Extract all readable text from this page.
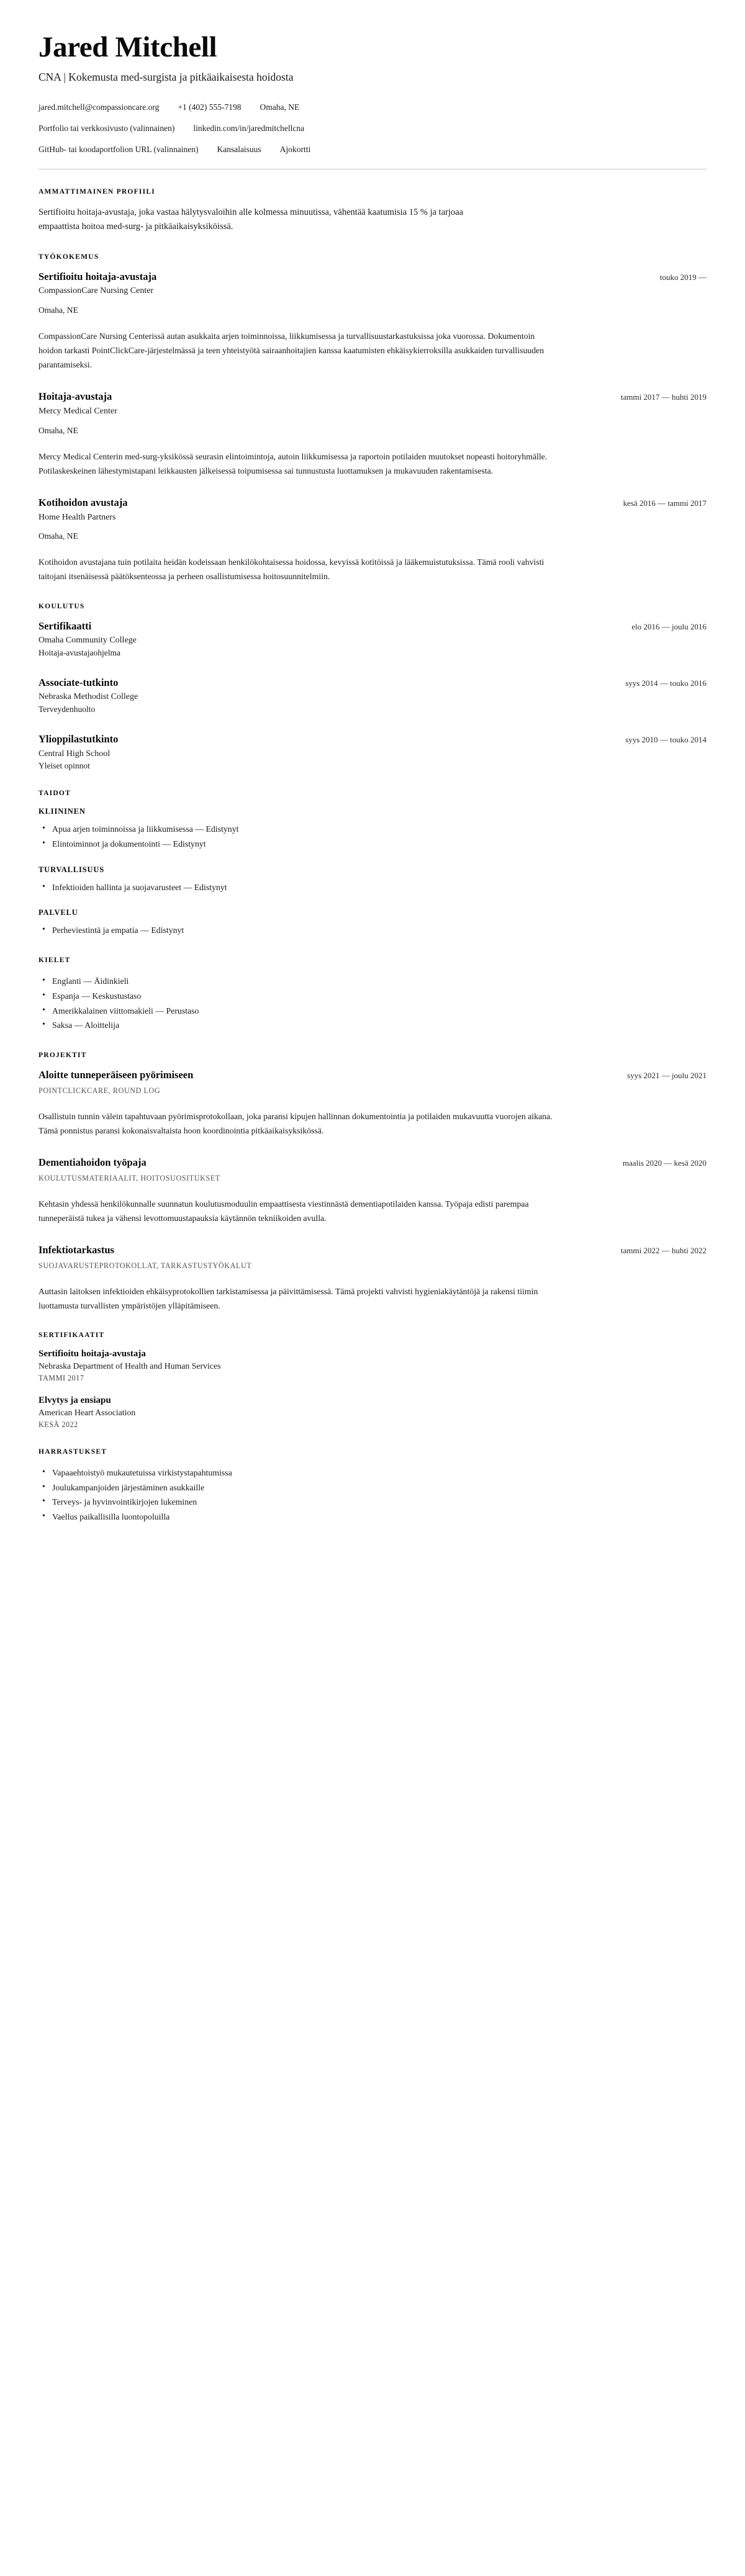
Jared Mitchell
CNA | Kokemusta med-surgista ja pitkäaikaisesta hoidosta
jared.mitchell@compassioncare.org +1 (402) 555-7198 Omaha, NE
Portfolio tai verkkosivusto (valinnainen) linkedin.com/in/jaredmitchellcna
GitHub- tai koodaportfolion URL (valinnainen) Kansalaisuus Ajokortti
AMMATTIMAINEN PROFIILI

Sertifioitu hoitaja-avustaja, joka vastaa hälytysvaloihin alle kolmessa minuutissa, vähentää kaatumisia 15 % ja tarjoaa empaattista hoitoa med-surg- ja pitkäaikaisyksiköissä.

TYÖKOKEMUS
Sertifioitu hoitaja-avustaja	touko 2019 —
CompassionCare Nursing Center
Omaha, NE

CompassionCare Nursing Centerissä autan asukkaita arjen toiminnoissa, liikkumisessa ja turvallisuustarkastuksissa joka vuorossa. Dokumentoin hoidon tarkasti PointClickCare-järjestelmässä ja teen yhteistyötä sairaanhoitajien kanssa kaatumisten ehkäisykierroksilla asukkaiden turvallisuuden parantamiseksi.

Hoitaja-avustaja	tammi 2017 — huhti 2019
Mercy Medical Center
Omaha, NE

Mercy Medical Centerin med-surg-yksikössä seurasin elintoimintoja, autoin liikkumisessa ja raportoin potilaiden muutokset nopeasti hoitoryhmälle. Potilaskeskeinen lähestymistapani leikkausten jälkeisessä toipumisessa sai tunnustusta luottamuksen ja mukavuuden rakentamisesta.

Kotihoidon avustaja	kesä 2016 — tammi 2017
Home Health Partners
Omaha, NE

Kotihoidon avustajana tuin potilaita heidän kodeissaan henkilökohtaisessa hoidossa, kevyissä kotitöissä ja lääkemuistutuksissa. Tämä rooli vahvisti taitojani itsenäisessä päätöksenteossa ja perheen osallistumisessa hoitosuunnitelmiin.

KOULUTUS
Sertifikaatti	elo 2016 — joulu 2016
Omaha Community College
Hoitaja-avustajaohjelma
Associate-tutkinto	syys 2014 — touko 2016
Nebraska Methodist College
Terveydenhuolto
Ylioppilastutkinto	syys 2010 — touko 2014
Central High School
Yleiset opinnot
TAIDOT
KLIININEN
• Apua arjen toiminnoissa ja liikkumisessa — Edistynyt
• Elintoiminnot ja dokumentointi — Edistynyt
TURVALLISUUS
• Infektioiden hallinta ja suojavarusteet — Edistynyt
PALVELU
• Perheviestintä ja empatia — Edistynyt
KIELET
• Englanti — Äidinkieli
• Espanja — Keskustustaso
• Amerikkalainen viittomakieli — Perustaso
• Saksa — Aloittelija
PROJEKTIT
Aloitte tunneperäiseen pyörimiseen	syys 2021 — joulu 2021
POINTCLICKCARE, ROUND LOG

Osallistuin tunnin välein tapahtuvaan pyörimisprotokollaan, joka paransi kipujen hallinnan dokumentointia ja potilaiden mukavuutta vuorojen aikana. Tämä ponnistus paransi kokonaisvaltaista hoon koordinointia pitkäaikaisyksikössä.

Dementiahoidon työpaja	maalis 2020 — kesä 2020
KOULUTUSMATERIAALIT, HOITOSUOSITUKSET

Kehtasin yhdessä henkilökunnalle suunnatun koulutusmoduulin empaattisesta viestinnästä dementiapotilaiden kanssa. Työpaja edisti parempaa tunneperäistä tukea ja vähensi levottomuustapauksia käytännön tekniikoiden avulla.

Infektiotarkastus	tammi 2022 — huhti 2022
SUOJAVARUSTEPROTOKOLLAT, TARKASTUSTYÖKALUT

Auttasin laitoksen infektioiden ehkäisyprotokollien tarkistamisessa ja päivittämisessä. Tämä projekti vahvisti hygieniakäytäntöjä ja rakensi tiimin luottamusta turvallisten ympäristöjen ylläpitämiseen.

SERTIFIKAATIT
Sertifioitu hoitaja-avustaja
Nebraska Department of Health and Human Services
TAMMI 2017
Elvytys ja ensiapu
American Heart Association
KESÄ 2022
HARRASTUKSET
• Vapaaehtoistyö mukautetuissa virkistystapahtumissa
• Joulukampanjoiden järjestäminen asukkaille
• Terveys- ja hyvinvointikirjojen lukeminen
• Vaellus paikallisilla luontopoluilla
